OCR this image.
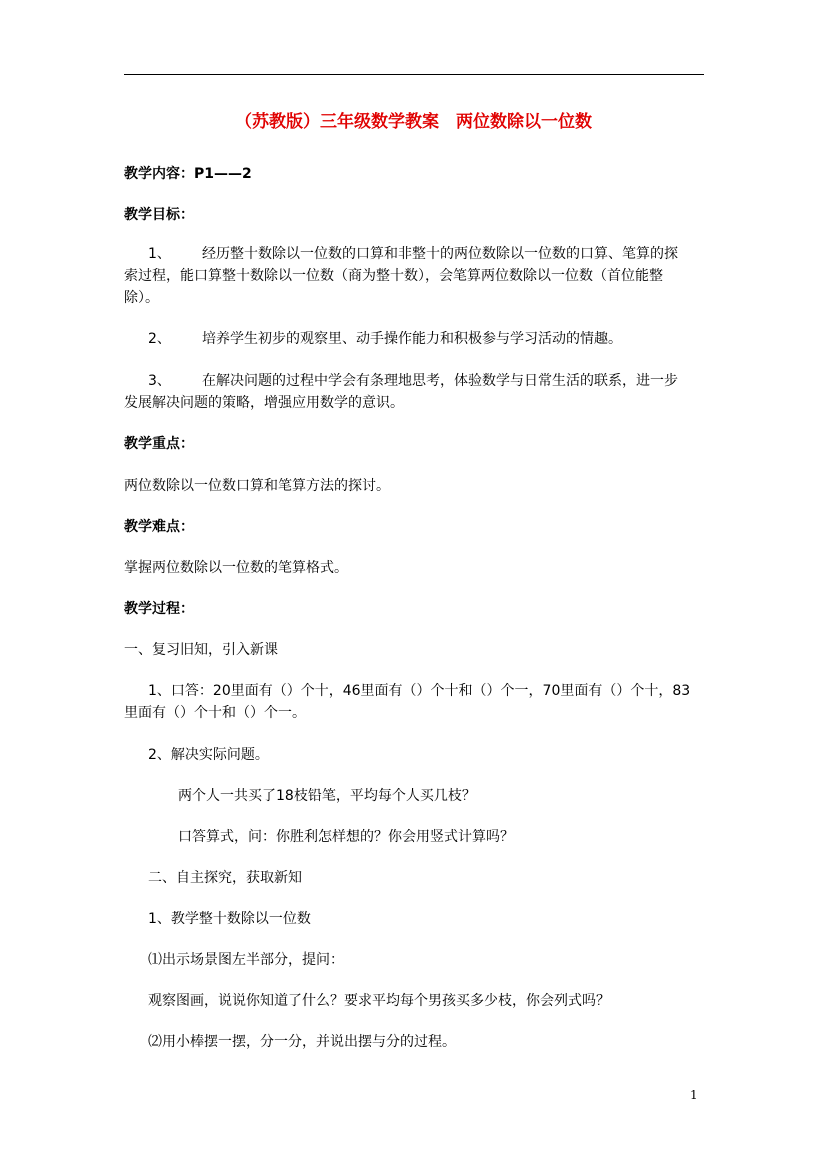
（苏教版）三年级数学教案　两位数除以一位数

教学内容：P1——2

教学目标：

1、 经历整十数除以一位数的口算和非整十的两位数除以一位数的口算、笔算的探
索过程，能口算整十数除以一位数（商为整十数），会笔算两位数除以一位数（首位能整
除）。
2、 培养学生初步的观察里、动手操作能力和积极参与学习活动的情趣。
3、 在解决问题的过程中学会有条理地思考，体验数学与日常生活的联系，进一步
发展解决问题的策略，增强应用数学的意识。

教学重点：

两位数除以一位数口算和笔算方法的探讨。

教学难点：

掌握两位数除以一位数的笔算格式。

教学过程：

一、复习旧知，引入新课

1、口答：20里面有（）个十，46里面有（）个十和（）个一，70里面有（）个十，83
里面有（）个十和（）个一。

2、解决实际问题。

两个人一共买了18枝铅笔，平均每个人买几枝？

口答算式，问：你胜利怎样想的？你会用竖式计算吗？

二、自主探究，获取新知

1、教学整十数除以一位数

⑴出示场景图左半部分，提问：

观察图画，说说你知道了什么？要求平均每个男孩买多少枝，你会列式吗？

⑵用小棒摆一摆，分一分，并说出摆与分的过程。

1
